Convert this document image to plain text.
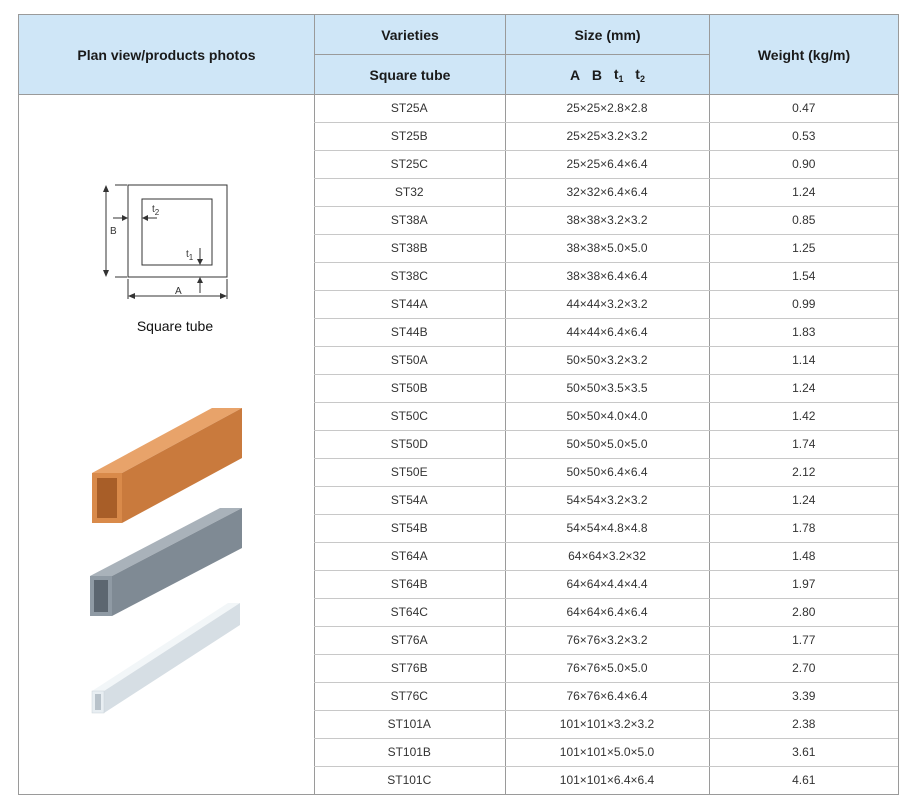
Plan view/products photos
Varieties
Square tube
Size (mm)
A
B
$t_1$
$t_2$
Weight (kg/m)
ST25A	25×25×2.8×2.8	0.47
ST25B	25×25×3.2×3.2	0.53
ST25C	25×25×6.4×6.4	0.90
ST32	32×32×6.4×6.4	1.24
ST38A	38×38×3.2×3.2	0.85
ST38B	38×38×5.0×5.0	1.25
ST38C	38×38×6.4×6.4	1.54
ST44A	44×44×3.2×3.2	0.99
ST44B	44×44×6.4×6.4	1.83
ST50A	50×50×3.2×3.2	1.14
ST50B	50×50×3.5×3.5	1.24
ST50C	50×50×4.0×4.0	1.42
ST50D	50×50×5.0×5.0	1.74
ST50E	50×50×6.4×6.4	2.12
ST54A	54×54×3.2×3.2	1.24
ST54B	54×54×4.8×4.8	1.78
ST64A	64×64×3.2×32	1.48
ST64B	64×64×4.4×4.4	1.97
ST64C	64×64×6.4×6.4	2.80
ST76A	76×76×3.2×3.2	1.77
ST76B	76×76×5.0×5.0	2.70
ST76C	76×76×6.4×6.4	3.39
ST101A	101×101×3.2×3.2	2.38
ST101B	101×101×5.0×5.0	3.61
ST101C	101×101×6.4×6.4	4.61
B
A
$t_2$
$t_1$
Square tube
